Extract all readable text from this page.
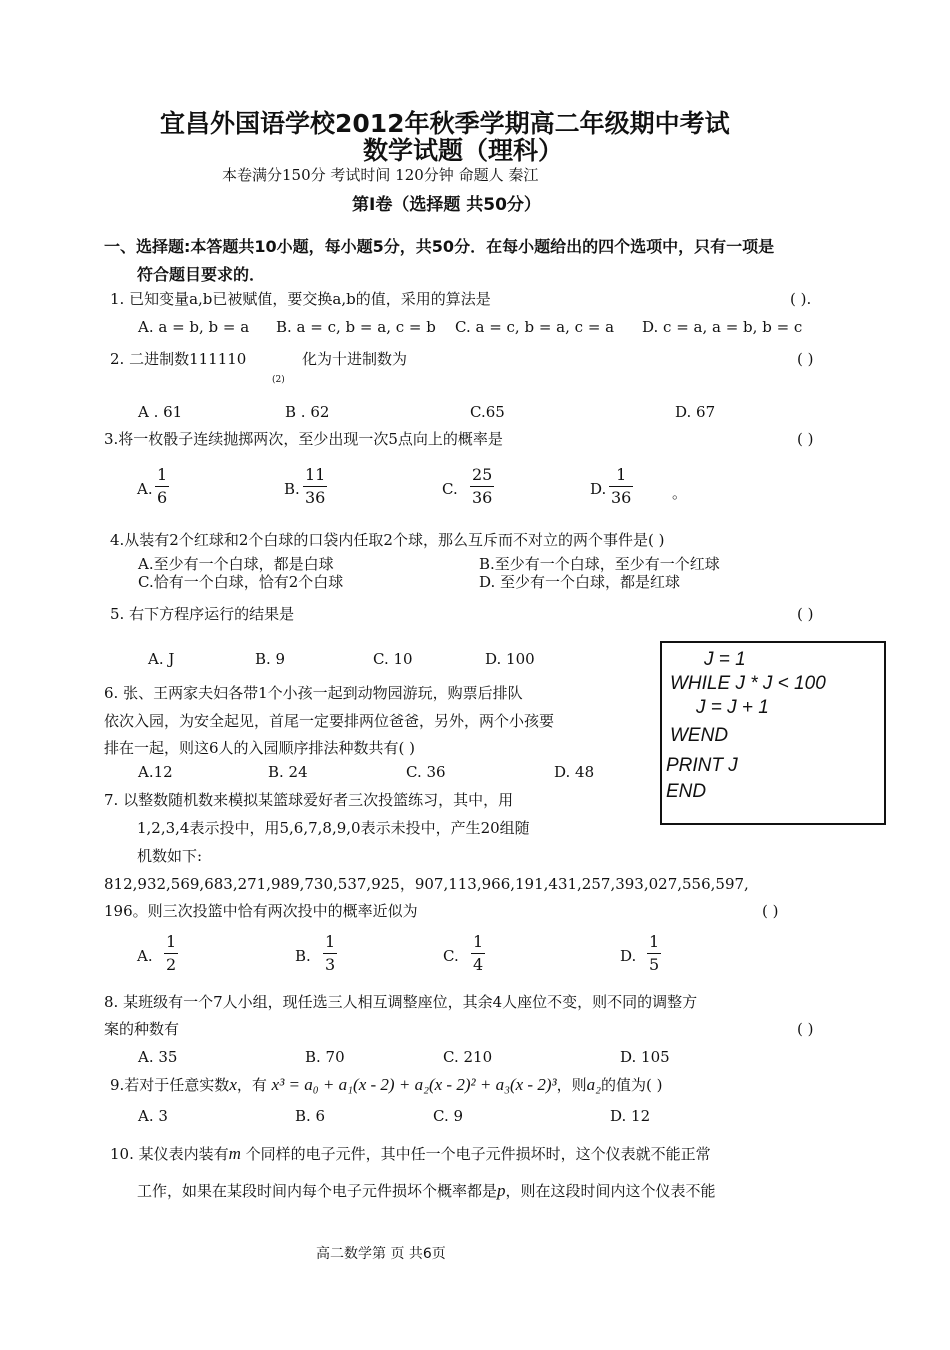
宜昌外国语学校2012年秋季学期高二年级期中考试
数学试题（理科）
本卷满分150分 考试时间 120分钟 命题人 秦江
第Ⅰ卷（选择题 共50分）
一、选择题:本答题共10小题，每小题5分，共50分．在每小题给出的四个选项中，只有一项是
符合题目要求的．
1. 已知变量a,b已被赋值，要交换a,b的值，采用的算法是	( ).
A. a = b, b = a B. a = c, b = a, c = b C. a = c, b = a, c = a D. c = a, a = b, b = c
2. 二进制数111110
(2)
化为十进制数为	( )
A . 61	B . 62	C.65	D. 67
3.将一枚骰子连续抛掷两次，至少出现一次5点向上的概率是	( )
A.
1
6	B.
11
36	C.
25
36	D.
1
36	。
4.从装有2个红球和2个白球的口袋内任取2个球，那么互斥而不对立的两个事件是( )
A.至少有一个白球，都是白球	B.至少有一个白球，至少有一个红球
C.恰有一个白球，恰有2个白球	D. 至少有一个白球，都是红球
5. 右下方程序运行的结果是	( )
A. J	B. 9	C. 10	D. 100	J = 1
WHILE J * J < 100
J = J + 1
WEND
PRINT J
END
6. 张、王两家夫妇各带1个小孩一起到动物园游玩，购票后排队
依次入园，为安全起见，首尾一定要排两位爸爸，另外，两个小孩要
排在一起，则这6人的入园顺序排法种数共有( )
A.12	B. 24	C. 36	D. 48
7. 以整数随机数来模拟某篮球爱好者三次投篮练习，其中，用
1,2,3,4表示投中，用5,6,7,8,9,0表示未投中，产生20组随
机数如下:
812,932,569,683,271,989,730,537,925，907,113,966,191,431,257,393,027,556,597,
196。则三次投篮中恰有两次投中的概率近似为	( )
A.
1
2	B.
1
3	C.
1
4	D.
1
5
8. 某班级有一个7人小组，现任选三人相互调整座位，其余4人座位不变，则不同的调整方
案的种数有	( )
A. 35	B. 70	C. 210	D. 105
9.若对于任意实数x，有 x³ = a₀ + a₁(x - 2) + a₂(x - 2)² + a₃(x - 2)³，则a₂的值为( )
A. 3	B. 6	C. 9	D. 12
10. 某仪表内装有m 个同样的电子元件，其中任一个电子元件损坏时，这个仪表就不能正常
工作，如果在某段时间内每个电子元件损坏个概率都是p，则在这段时间内这个仪表不能
高二数学第 页 共6页
